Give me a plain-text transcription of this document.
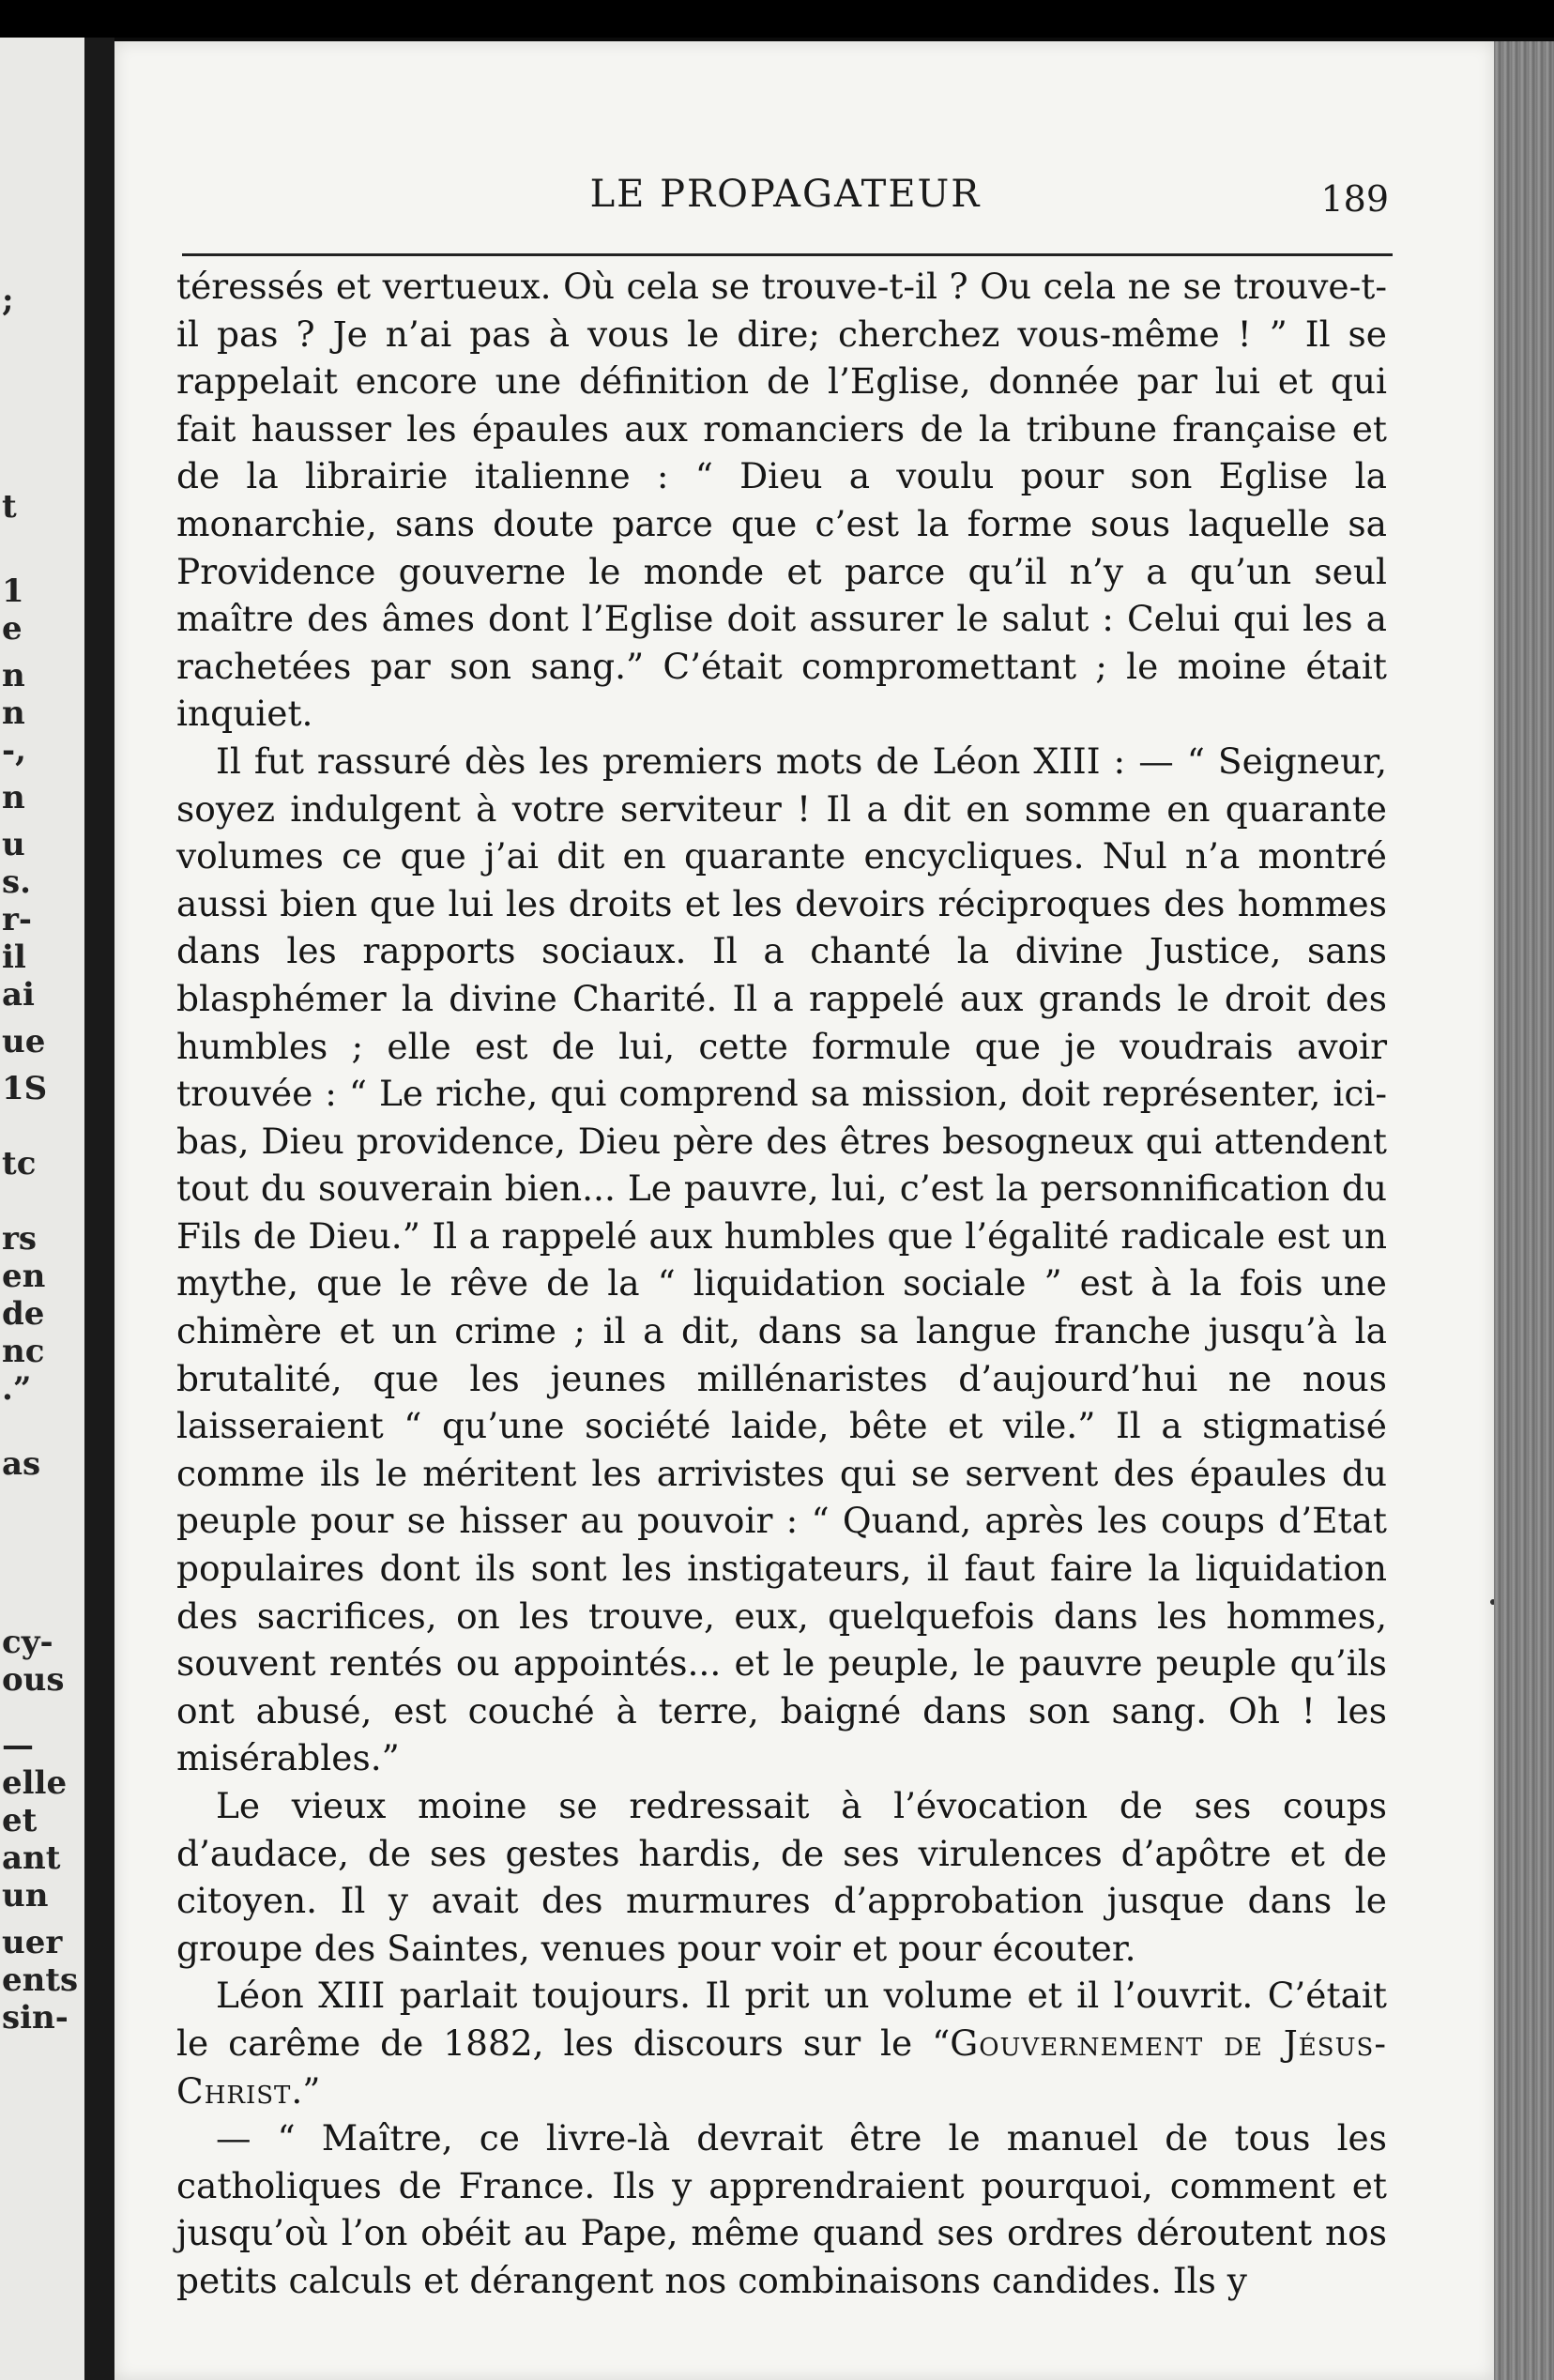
;
t
1
e
n
n
-,
n
u
s.
r-
il
ai
ue
1S
tc
rs
en
de
nc
.”
as
cy-
ous
—
elle
et
ant
un
uer
ents
sin-
LE PROPAGATEUR	189

téressés et vertueux. Où cela se trouve-t-il ? Ou cela ne se trouve-t-il pas ? Je n’ai pas à vous le dire; cherchez vous-même ! ” Il se rappelait encore une définition de l’Eglise, donnée par lui et qui fait hausser les épaules aux romanciers de la tribune française et de la librairie italienne : “ Dieu a voulu pour son Eglise la monarchie, sans doute parce que c’est la forme sous laquelle sa Providence gouverne le monde et parce qu’il n’y a qu’un seul maître des âmes dont l’Eglise doit assurer le salut : Celui qui les a rachetées par son sang.” C’était compromettant ; le moine était inquiet.

Il fut rassuré dès les premiers mots de Léon XIII : — “ Seigneur, soyez indulgent à votre serviteur ! Il a dit en somme en quarante volumes ce que j’ai dit en quarante encycliques. Nul n’a montré aussi bien que lui les droits et les devoirs réciproques des hommes dans les rapports sociaux. Il a chanté la divine Justice, sans blasphémer la divine Charité. Il a rappelé aux grands le droit des humbles ; elle est de lui, cette formule que je voudrais avoir trouvée : “ Le riche, qui comprend sa mission, doit représenter, ici-bas, Dieu providence, Dieu père des êtres besogneux qui attendent tout du souverain bien... Le pauvre, lui, c’est la personnification du Fils de Dieu.” Il a rappelé aux humbles que l’égalité radicale est un mythe, que le rêve de la “ liquidation sociale ” est à la fois une chimère et un crime ; il a dit, dans sa langue franche jusqu’à la brutalité, que les jeunes millénaristes d’aujourd’hui ne nous laisseraient “ qu’une société laide, bête et vile.” Il a stigmatisé comme ils le méritent les arrivistes qui se servent des épaules du peuple pour se hisser au pouvoir : “ Quand, après les coups d’Etat populaires dont ils sont les instigateurs, il faut faire la liquidation des sacrifices, on les trouve, eux, quelquefois dans les hommes, souvent rentés ou appointés... et le peuple, le pauvre peuple qu’ils ont abusé, est couché à terre, baigné dans son sang. Oh ! les misérables.”

Le vieux moine se redressait à l’évocation de ses coups d’audace, de ses gestes hardis, de ses virulences d’apôtre et de citoyen. Il y avait des murmures d’approbation jusque dans le groupe des Saintes, venues pour voir et pour écouter.

Léon XIII parlait toujours. Il prit un volume et il l’ouvrit. C’était le carême de 1882, les discours sur le “Gouvernement de Jésus-Christ.”

— “ Maître, ce livre-là devrait être le manuel de tous les catholiques de France. Ils y apprendraient pourquoi, comment et jusqu’où l’on obéit au Pape, même quand ses ordres déroutent nos petits calculs et dérangent nos combinaisons candides. Ils y
